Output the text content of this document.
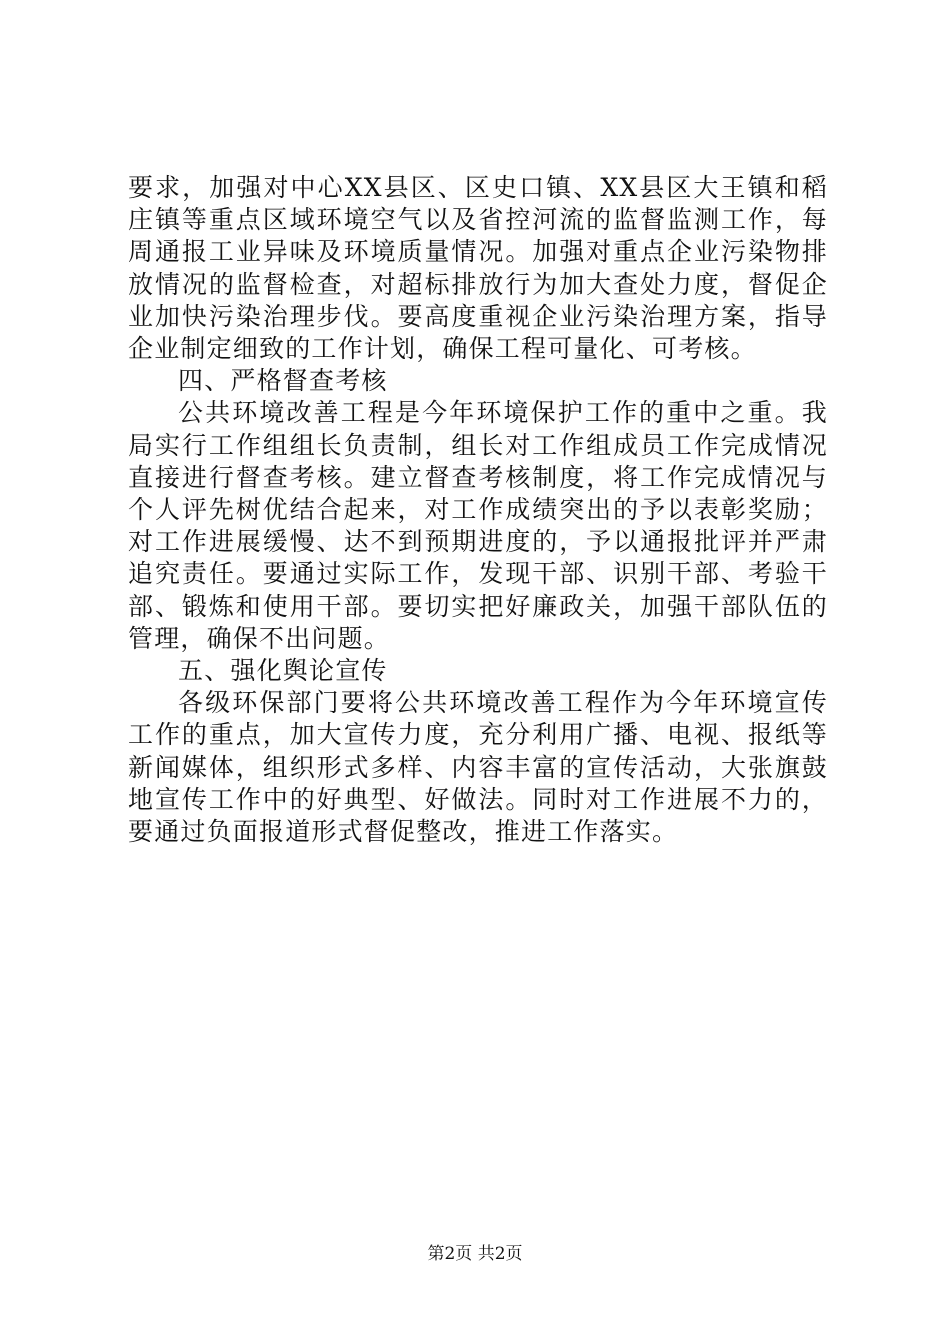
要求，加强对中心XX县区、区史口镇、XX县区大王镇和稻庄镇等重点区域环境空气以及省控河流的监督监测工作，每周通报工业异味及环境质量情况。加强对重点企业污染物排放情况的监督检查，对超标排放行为加大查处力度，督促企业加快污染治理步伐。要高度重视企业污染治理方案，指导企业制定细致的工作计划，确保工程可量化、可考核。

四、严格督查考核

公共环境改善工程是今年环境保护工作的重中之重。我局实行工作组组长负责制，组长对工作组成员工作完成情况直接进行督查考核。建立督查考核制度，将工作完成情况与个人评先树优结合起来，对工作成绩突出的予以表彰奖励；对工作进展缓慢、达不到预期进度的，予以通报批评并严肃追究责任。要通过实际工作，发现干部、识别干部、考验干部、锻炼和使用干部。要切实把好廉政关，加强干部队伍的管理，确保不出问题。

五、强化舆论宣传

各级环保部门要将公共环境改善工程作为今年环境宣传工作的重点，加大宣传力度，充分利用广播、电视、报纸等新闻媒体，组织形式多样、内容丰富的宣传活动，大张旗鼓地宣传工作中的好典型、好做法。同时对工作进展不力的，要通过负面报道形式督促整改，推进工作落实。

第2页 共2页
